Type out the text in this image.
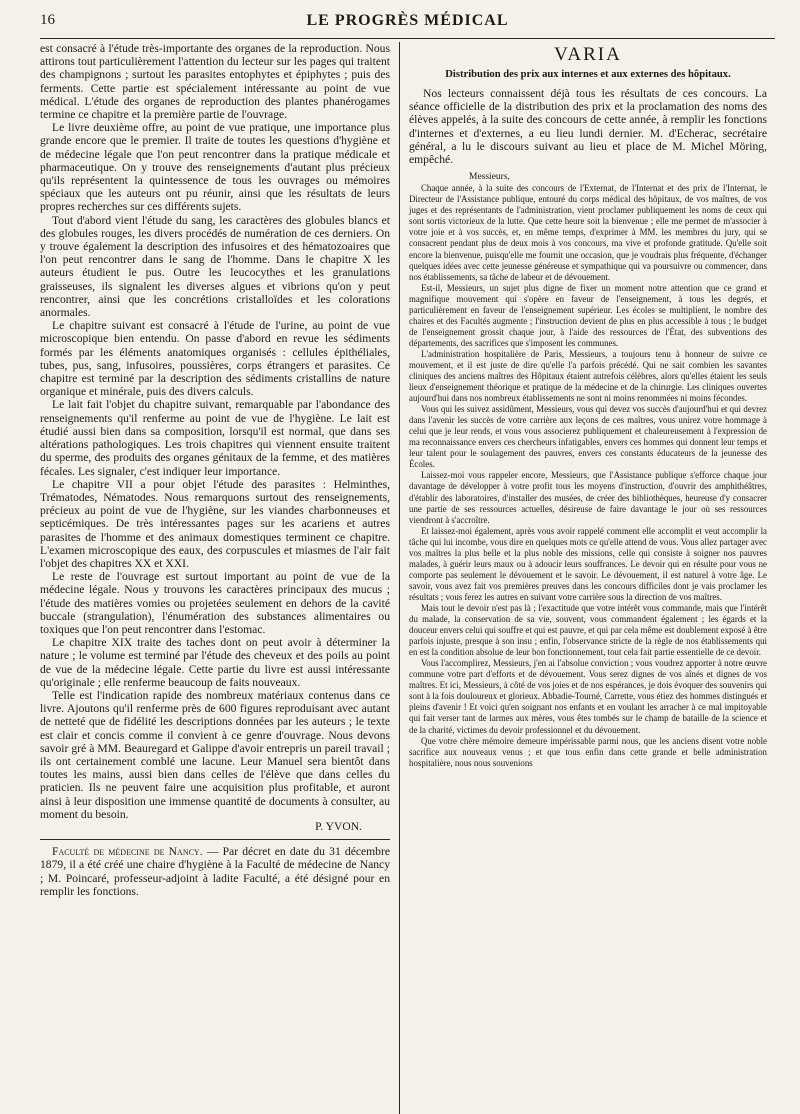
16	LE PROGRÈS MÉDICAL

est consacré à l'étude très-importante des organes de la reproduction. Nous attirons tout particulièrement l'attention du lecteur sur les pages qui traitent des champignons ; surtout les parasites entophytes et épiphytes ; puis des ferments. Cette partie est spécialement intéressante au point de vue médical. L'étude des organes de reproduction des plantes phanérogames termine ce chapitre et la première partie de l'ouvrage.

Le livre deuxième offre, au point de vue pratique, une importance plus grande encore que le premier. Il traite de toutes les questions d'hygiène et de médecine légale que l'on peut rencontrer dans la pratique médicale et pharmaceutique. On y trouve des renseignements d'autant plus précieux qu'ils représentent la quintessence de tous les ouvrages ou mémoires spéciaux que les auteurs ont pu réunir, ainsi que les résultats de leurs propres recherches sur ces différents sujets.

Tout d'abord vient l'étude du sang, les caractères des globules blancs et des globules rouges, les divers procédés de numération de ces derniers. On y trouve également la description des infusoires et des hématozoaires que l'on peut rencontrer dans le sang de l'homme. Dans le chapitre X les auteurs étudient le pus. Outre les leucocythes et les granulations graisseuses, ils signalent les diverses algues et vibrions qu'on y peut rencontrer, ainsi que les concrétions cristalloïdes et les colorations anormales.

Le chapitre suivant est consacré à l'étude de l'urine, au point de vue microscopique bien entendu. On passe d'abord en revue les sédiments formés par les éléments anatomiques organisés : cellules épithéliales, tubes, pus, sang, infusoires, poussières, corps étrangers et parasites. Ce chapitre est terminé par la description des sédiments cristallins de nature organique et minérale, puis des divers calculs.

Le lait fait l'objet du chapitre suivant, remarquable par l'abondance des renseignements qu'il renferme au point de vue de l'hygiène. Le lait est étudié aussi bien dans sa composition, lorsqu'il est normal, que dans ses altérations pathologiques. Les trois chapitres qui viennent ensuite traitent du sperme, des produits des organes génitaux de la femme, et des matières fécales. Les signaler, c'est indiquer leur importance.

Le chapitre VII a pour objet l'étude des parasites : Helminthes, Trématodes, Nématodes. Nous remarquons surtout des renseignements, précieux au point de vue de l'hygiène, sur les viandes charbonneuses et septicémiques. De très intéressantes pages sur les acariens et autres parasites de l'homme et des animaux domestiques terminent ce chapitre. L'examen microscopique des eaux, des corpuscules et miasmes de l'air fait l'objet des chapitres XX et XXI.

Le reste de l'ouvrage est surtout important au point de vue de la médecine légale. Nous y trouvons les caractères principaux des mucus ; l'étude des matières vomies ou projetées seulement en dehors de la cavité buccale (strangulation), l'énumération des substances alimentaires ou toxiques que l'on peut rencontrer dans l'estomac.

Le chapitre XIX traite des taches dont on peut avoir à déterminer la nature ; le volume est terminé par l'étude des cheveux et des poils au point de vue de la médecine légale. Cette partie du livre est aussi intéressante qu'originale ; elle renferme beaucoup de faits nouveaux.

Telle est l'indication rapide des nombreux matériaux contenus dans ce livre. Ajoutons qu'il renferme près de 600 figures reproduisant avec autant de netteté que de fidélité les descriptions données par les auteurs ; le texte est clair et concis comme il convient à ce genre d'ouvrage. Nous devons savoir gré à MM. Beauregard et Galippe d'avoir entrepris un pareil travail ; ils ont certainement comblé une lacune. Leur Manuel sera bientôt dans toutes les mains, aussi bien dans celles de l'élève que dans celles du praticien. Ils ne peuvent faire une acquisition plus profitable, et auront ainsi à leur disposition une immense quantité de documents à consulter, au moment du besoin.

P. YVON.

Faculté de médecine de Nancy. — Par décret en date du 31 décembre 1879, il a été créé une chaire d'hygiène à la Faculté de médecine de Nancy ; M. Poincaré, professeur-adjoint à ladite Faculté, a été désigné pour en remplir les fonctions.

VARIA
Distribution des prix aux internes et aux externes des hôpitaux.

Nos lecteurs connaissent déjà tous les résultats de ces concours. La séance officielle de la distribution des prix et la proclamation des noms des élèves appelés, à la suite des concours de cette année, à remplir les fonctions d'internes et d'externes, a eu lieu lundi dernier. M. d'Echerac, secrétaire général, a lu le discours suivant au lieu et place de M. Michel Möring, empêché.

Messieurs,

Chaque année, à la suite des concours de l'Externat, de l'Internat et des prix de l'Internat, le Directeur de l'Assistance publique, entouré du corps médical des hôpitaux, de vos maîtres, de vos juges et des représentants de l'administration, vient proclamer publiquement les noms de ceux qui sont sortis victorieux de la lutte. Que cette heure soit la bienvenue ; elle me permet de m'associer à votre joie et à vos succès, et, en même temps, d'exprimer à MM. les membres du jury, qui se consacrent pendant plus de deux mois à vos concours, ma vive et profonde gratitude. Qu'elle soit encore la bienvenue, puisqu'elle me fournit une occasion, que je voudrais plus fréquente, d'échanger quelques idées avec cette jeunesse généreuse et sympathique qui va poursuivre ou commencer, dans nos établissements, sa tâche de labeur et de dévouement.

Est-il, Messieurs, un sujet plus digne de fixer un moment notre attention que ce grand et magnifique mouvement qui s'opère en faveur de l'enseignement, à tous les degrés, et particulièrement en faveur de l'enseignement supérieur. Les écoles se multiplient, le nombre des chaires et des Facultés augmente ; l'instruction devient de plus en plus accessible à tous ; le budget de l'enseignement grossit chaque jour, à l'aide des ressources de l'État, des subventions des départements, des sacrifices que s'imposent les communes.

L'administration hospitalière de Paris, Messieurs, a toujours tenu à honneur de suivre ce mouvement, et il est juste de dire qu'elle l'a parfois précédé. Qui ne sait combien les savantes cliniques des anciens maîtres des Hôpitaux étaient autrefois célèbres, alors qu'elles étaient les seuls lieux d'enseignement théorique et pratique de la médecine et de la chirurgie. Les cliniques ouvertes aujourd'hui dans nos nombreux établissements ne sont ni moins renommées ni moins fécondes.

Vous qui les suivez assidûment, Messieurs, vous qui devez vos succès d'aujourd'hui et qui devrez dans l'avenir les succès de votre carrière aux leçons de ces maîtres, vous unirez votre hommage à celui que je leur rends, et vous vous associerez publiquement et chaleureusement à l'expression de ma reconnaissance envers ces chercheurs infatigables, envers ces hommes qui donnent leur temps et leur talent pour le soulagement des pauvres, envers ces constants éducateurs de la jeunesse des Écoles.

Laissez-moi vous rappeler encore, Messieurs, que l'Assistance publique s'efforce chaque jour davantage de développer à votre profit tous les moyens d'instruction, d'ouvrir des amphithéâtres, d'établir des laboratoires, d'installer des musées, de créer des bibliothèques, heureuse d'y consacrer une partie de ses ressources actuelles, désireuse de faire davantage le jour où ses ressources viendront à s'accroître.

Et laissez-moi également, après vous avoir rappelé comment elle accomplit et veut accomplir la tâche qui lui incombe, vous dire en quelques mots ce qu'elle attend de vous. Vous allez partager avec vos maîtres la plus belle et la plus noble des missions, celle qui consiste à soigner nos pauvres malades, à guérir leurs maux ou à adoucir leurs souffrances. Le devoir qui en résulte pour vous ne comporte pas seulement le dévouement et le savoir. Le dévouement, il est naturel à votre âge. Le savoir, vous avez fait vos premières preuves dans les concours difficiles dont je vais proclamer les résultats ; vous ferez les autres en suivant votre carrière sous la direction de vos maîtres.

Mais tout le devoir n'est pas là ; l'exactitude que votre intérêt vous commande, mais que l'intérêt du malade, la conservation de sa vie, souvent, vous commandent également ; les égards et la douceur envers celui qui souffre et qui est pauvre, et qui par cela même est doublement exposé à être parfois injuste, presque à son insu ; enfin, l'observance stricte de la règle de nos établissements qui en est la condition absolue de leur bon fonctionnement, tout cela fait partie essentielle de ce devoir.

Vous l'accomplirez, Messieurs, j'en ai l'absolue conviction ; vous voudrez apporter à notre œuvre commune votre part d'efforts et de dévouement. Vous serez dignes de vos aînés et dignes de vos maîtres. Et ici, Messieurs, à côté de vos joies et de nos espérances, je dois évoquer des souvenirs qui sont à la fois douloureux et glorieux. Abbadie-Tourné, Carrette, vous étiez des hommes distingués et pleins d'avenir ! Et voici qu'en soignant nos enfants et en voulant les arracher à ce mal impitoyable qui fait verser tant de larmes aux mères, vous êtes tombés sur le champ de bataille de la science et de la charité, victimes du devoir professionnel et du dévouement.

Que votre chère mémoire demeure impérissable parmi nous, que les anciens disent votre noble sacrifice aux nouveaux venus ; et que tous enfin dans cette grande et belle administration hospitalière, nous nous souvenions
